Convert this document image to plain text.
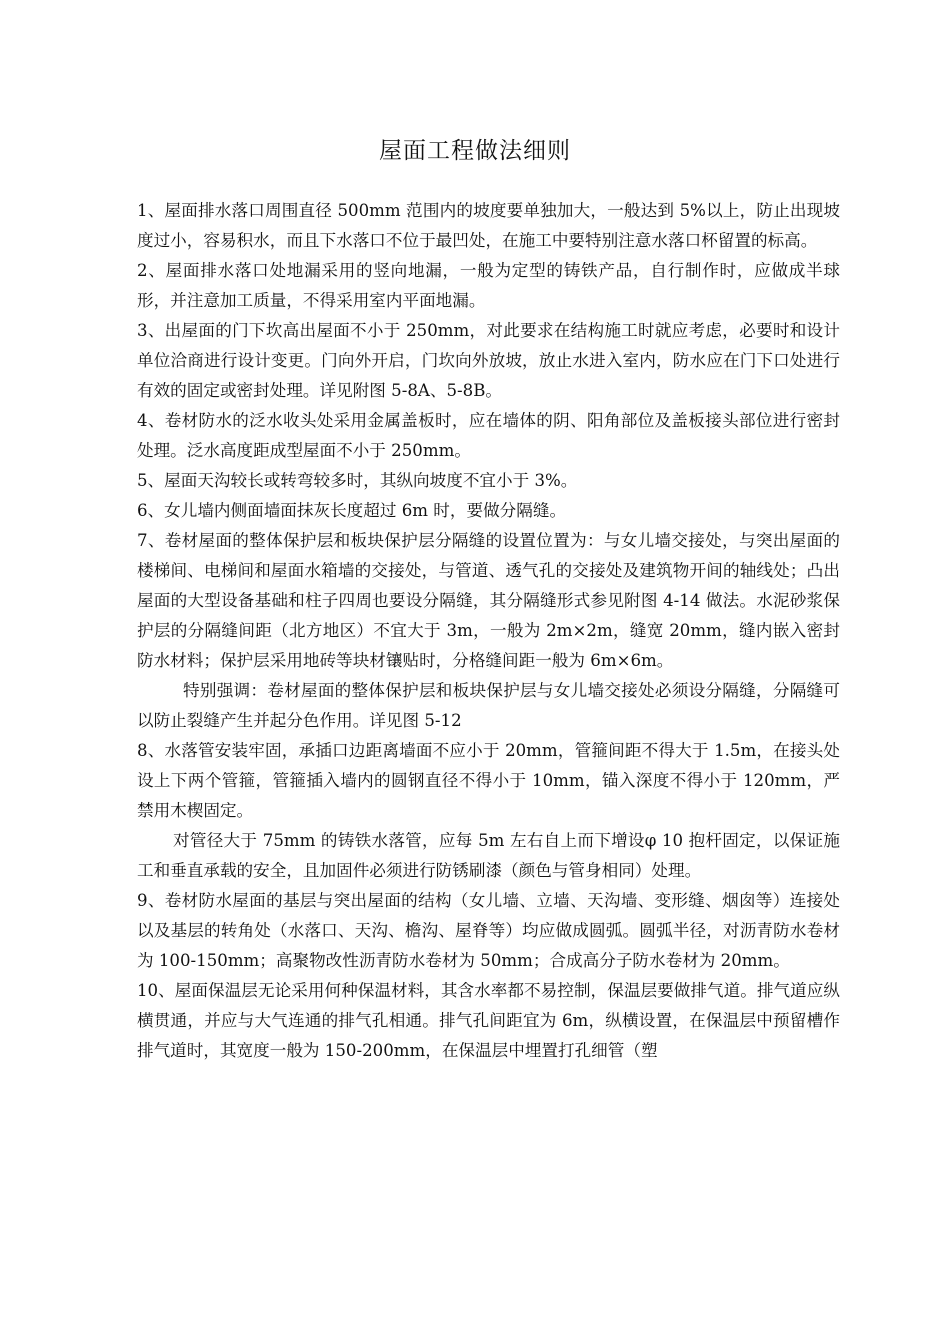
屋面工程做法细则

1、屋面排水落口周围直径 500mm 范围内的坡度要单独加大，一般达到 5%以上，防止出现坡度过小，容易积水，而且下水落口不位于最凹处，在施工中要特别注意水落口杯留置的标高。

2、屋面排水落口处地漏采用的竖向地漏，一般为定型的铸铁产品，自行制作时，应做成半球形，并注意加工质量，不得采用室内平面地漏。

3、出屋面的门下坎高出屋面不小于 250mm，对此要求在结构施工时就应考虑，必要时和设计单位洽商进行设计变更。门向外开启，门坎向外放坡，放止水进入室内，防水应在门下口处进行有效的固定或密封处理。详见附图 5-8A、5-8B。

4、卷材防水的泛水收头处采用金属盖板时，应在墙体的阴、阳角部位及盖板接头部位进行密封处理。泛水高度距成型屋面不小于 250mm。

5、屋面天沟较长或转弯较多时，其纵向坡度不宜小于 3%。

6、女儿墙内侧面墙面抹灰长度超过 6m 时，要做分隔缝。

7、卷材屋面的整体保护层和板块保护层分隔缝的设置位置为：与女儿墙交接处，与突出屋面的楼梯间、电梯间和屋面水箱墙的交接处，与管道、透气孔的交接处及建筑物开间的轴线处；凸出屋面的大型设备基础和柱子四周也要设分隔缝，其分隔缝形式参见附图 4-14 做法。水泥砂浆保护层的分隔缝间距（北方地区）不宜大于 3m，一般为 2m×2m，缝宽 20mm，缝内嵌入密封防水材料；保护层采用地砖等块材镶贴时，分格缝间距一般为 6m×6m。

特别强调：卷材屋面的整体保护层和板块保护层与女儿墙交接处必须设分隔缝，分隔缝可以防止裂缝产生并起分色作用。详见图 5-12

8、水落管安装牢固，承插口边距离墙面不应小于 20mm，管箍间距不得大于 1.5m，在接头处设上下两个管箍，管箍插入墙内的圆钢直径不得小于 10mm，锚入深度不得小于 120mm，严禁用木楔固定。

对管径大于 75mm 的铸铁水落管，应每 5m 左右自上而下增设φ 10 抱杆固定，以保证施工和垂直承载的安全，且加固件必须进行防锈刷漆（颜色与管身相同）处理。

9、卷材防水屋面的基层与突出屋面的结构（女儿墙、立墙、天沟墙、变形缝、烟囱等）连接处以及基层的转角处（水落口、天沟、檐沟、屋脊等）均应做成圆弧。圆弧半径，对沥青防水卷材为 100-150mm；高聚物改性沥青防水卷材为 50mm；合成高分子防水卷材为 20mm。

10、屋面保温层无论采用何种保温材料，其含水率都不易控制，保温层要做排气道。排气道应纵横贯通，并应与大气连通的排气孔相通。排气孔间距宜为 6m，纵横设置，在保温层中预留槽作排气道时，其宽度一般为 150-200mm，在保温层中埋置打孔细管（塑
